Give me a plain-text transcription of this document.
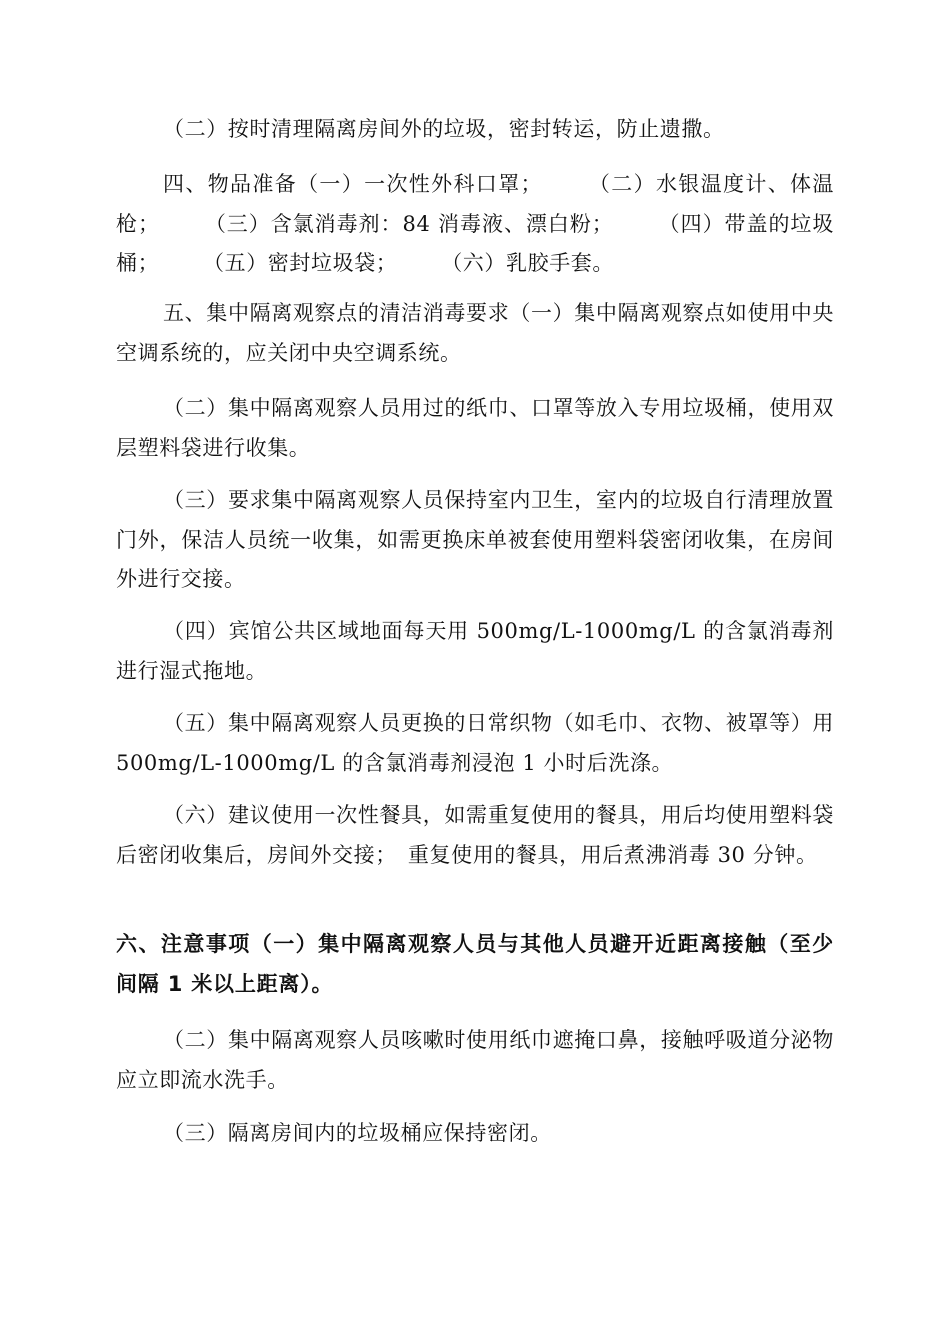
（二）按时清理隔离房间外的垃圾，密封转运，防止遗撒。

四、物品准备（一）一次性外科口罩；　　　（二）水银温度计、体温枪；　　　（三）含氯消毒剂：84 消毒液、漂白粉；　　　（四）带盖的垃圾桶；　　　（五）密封垃圾袋；　　　（六）乳胶手套。

五、集中隔离观察点的清洁消毒要求（一）集中隔离观察点如使用中央空调系统的，应关闭中央空调系统。

（二）集中隔离观察人员用过的纸巾、口罩等放入专用垃圾桶，使用双层塑料袋进行收集。

（三）要求集中隔离观察人员保持室内卫生，室内的垃圾自行清理放置门外，保洁人员统一收集，如需更换床单被套使用塑料袋密闭收集，在房间外进行交接。

（四）宾馆公共区域地面每天用 500mg/L-1000mg/L 的含氯消毒剂进行湿式拖地。

（五）集中隔离观察人员更换的日常织物（如毛巾、衣物、被罩等）用 500mg/L-1000mg/L 的含氯消毒剂浸泡 1 小时后洗涤。

（六）建议使用一次性餐具，如需重复使用的餐具，用后均使用塑料袋后密闭收集后，房间外交接；　重复使用的餐具，用后煮沸消毒 30 分钟。

六、注意事项（一）集中隔离观察人员与其他人员避开近距离接触（至少间隔 1 米以上距离）。

（二）集中隔离观察人员咳嗽时使用纸巾遮掩口鼻，接触呼吸道分泌物应立即流水洗手。

（三）隔离房间内的垃圾桶应保持密闭。
